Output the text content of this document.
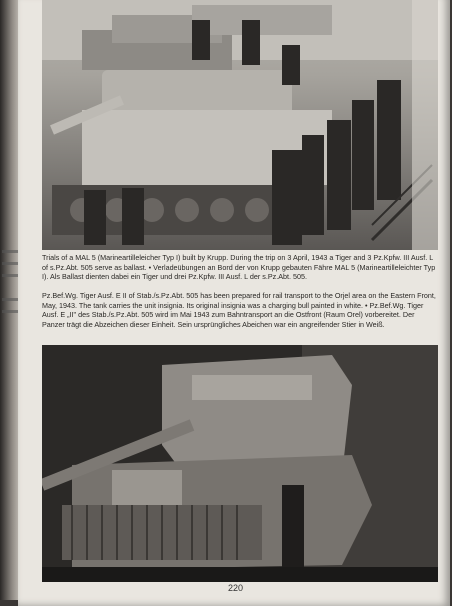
Trials of a MAL 5 (Marineartilleleicher Typ I) built by Krupp. During the trip on 3 April, 1943 a Tiger and 3 Pz.Kpfw. III Ausf. L of s.Pz.Abt. 505 serve as ballast. • Verladeübungen an Bord der von Krupp gebauten Fähre MAL 5 (Marineartilleleichter Typ I). Als Ballast dienten dabei ein Tiger und drei Pz.Kpfw. III Ausf. L der s.Pz.Abt. 505.

Pz.Bef.Wg. Tiger Ausf. E II of Stab./s.Pz.Abt. 505 has been prepared for rail transport to the Orjel area on the Eastern Front, May, 1943. The tank carries the unit insignia. Its original insignia was a charging bull painted in white. • Pz.Bef.Wg. Tiger Ausf. E „II" des Stab./s.Pz.Abt. 505 wird im Mai 1943 zum Bahntransport an die Ostfront (Raum Orel) vorbereitet. Der Panzer trägt die Abzeichen dieser Einheit. Sein ursprüngliches Abeichen war ein angreifender Stier in Weiß.

220
